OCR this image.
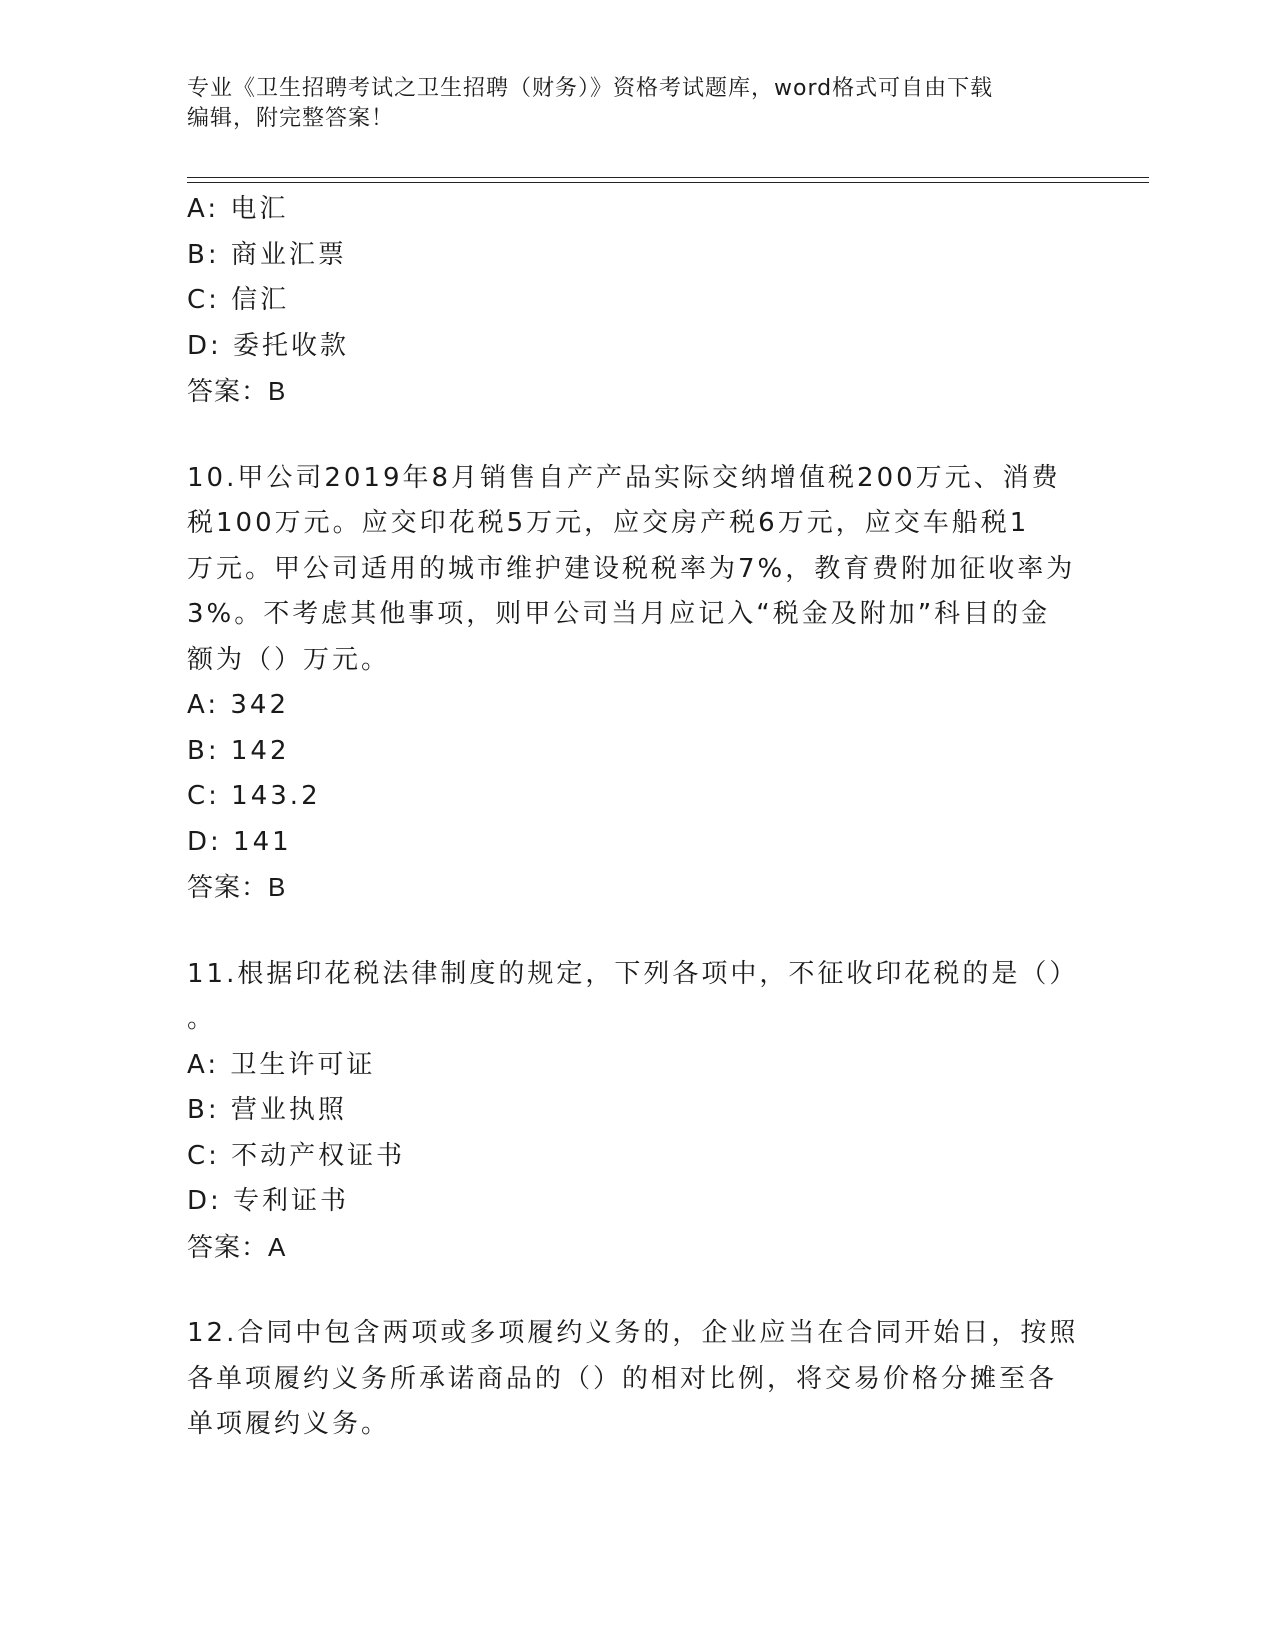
专业《卫生招聘考试之卫生招聘（财务）》资格考试题库，word格式可自由下载
编辑，附完整答案！
A: 电汇
B: 商业汇票
C: 信汇
D: 委托收款
答案：B
10.甲公司2019年8月销售自产产品实际交纳增值税200万元、消费
税100万元。应交印花税5万元，应交房产税6万元，应交车船税1
万元。甲公司适用的城市维护建设税税率为7%，教育费附加征收率为
3%。不考虑其他事项，则甲公司当月应记入“税金及附加”科目的金
额为（）万元。
A: 342
B: 142
C: 143.2
D: 141
答案：B
11.根据印花税法律制度的规定，下列各项中，不征收印花税的是（）
。
A: 卫生许可证
B: 营业执照
C: 不动产权证书
D: 专利证书
答案：A
12.合同中包含两项或多项履约义务的，企业应当在合同开始日，按照
各单项履约义务所承诺商品的（）的相对比例，将交易价格分摊至各
单项履约义务。
